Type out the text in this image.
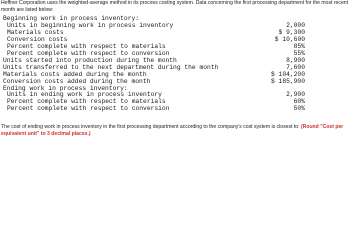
Heffner Corporation uses the weighted-average method in its process costing system. Data concerning the first processing department for the most recent month are listed below:

Beginning work in process inventory:	
Units in beginning work in process inventory	2,000
Materials costs	$ 9,300
Conversion costs	$ 10,600
Percent complete with respect to materials	85%
Percent complete with respect to conversion	55%
Units started into production during the month	8,900
Units transferred to the next department during the month	7,600
Materials costs added during the month	$ 104,200
Conversion costs added during the month	$ 185,900
Ending work in process inventory:	
Units in ending work in process inventory	2,900
Percent complete with respect to materials	60%
Percent complete with respect to conversion	50%

The cost of ending work in process inventory in the first processing department according to the company's cost system is closest to: (Round "Cost per equivalent unit" to 3 decimal places.)
